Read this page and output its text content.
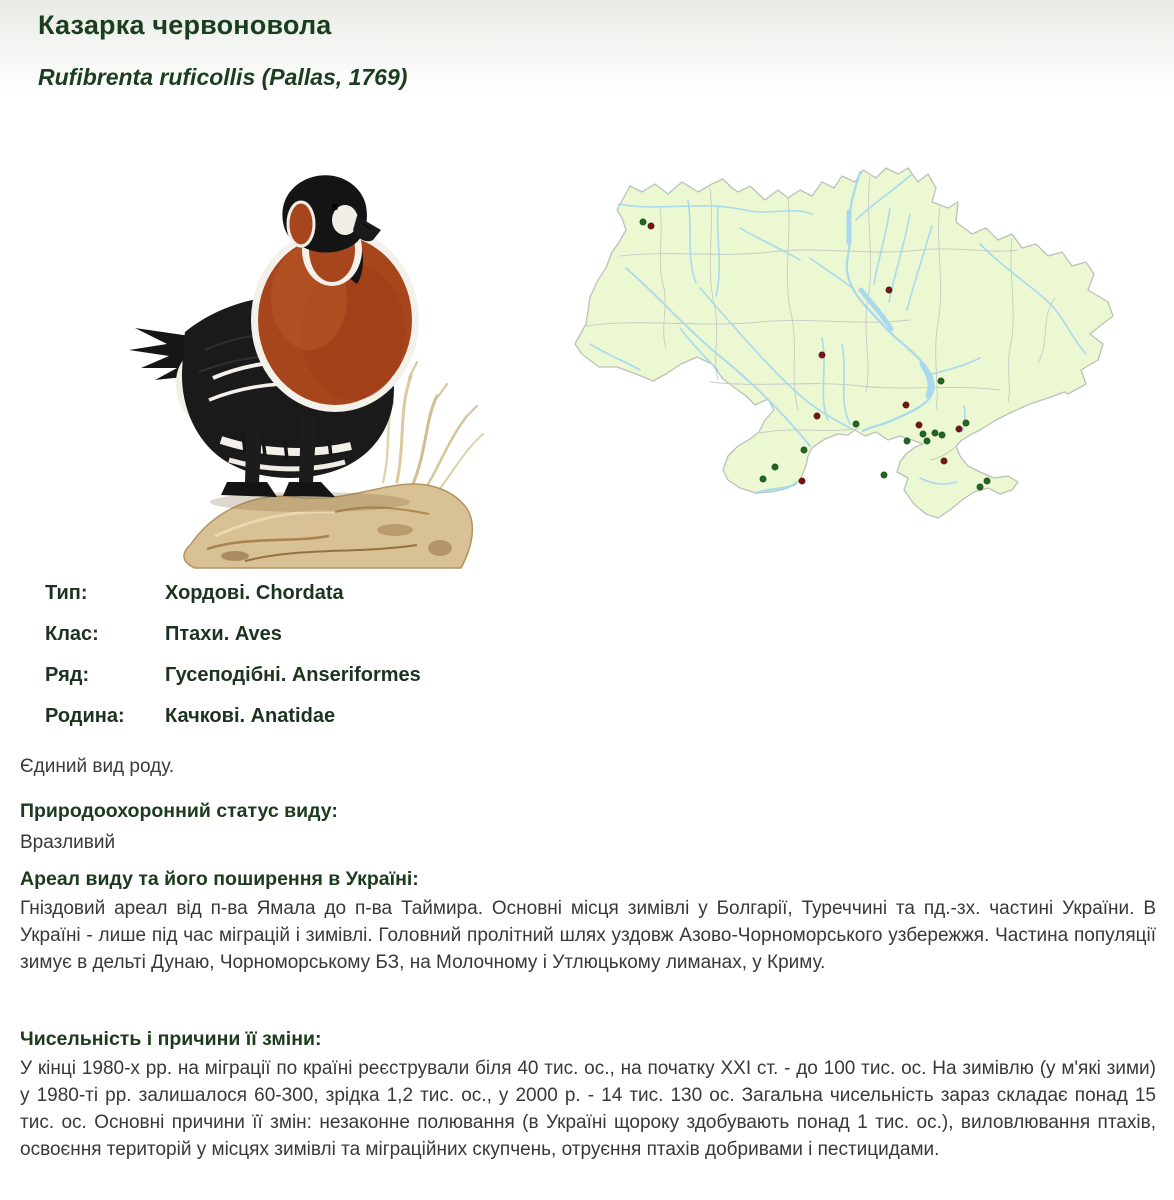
Казарка червоновола
Rufibrenta ruficollis (Pallas, 1769)
Тип:	Хордові. Chordata
Клас:	Птахи. Aves
Ряд:	Гусеподібні. Anseriformes
Родина:	Качкові. Anatidae
Єдиний вид роду.

Природоохоронний статус виду:

Вразливий

Ареал виду та його поширення в Україні:

Гніздовий ареал від п-ва Ямала до п-ва Таймира. Основні місця зимівлі у Болгарії, Туреччині та пд.-зх. частині України. В Україні - лише під час міграцій і зимівлі. Головний пролітний шлях уздовж Азово-Чорноморського узбережжя. Частина популяції зимує в дельті Дунаю, Чорноморському БЗ, на Молочному і Утлюцькому лиманах, у Криму.

Чисельність і причини її зміни:

У кінці 1980-х рр. на міграції по країні реєстрували біля 40 тис. ос., на початку XXI ст. - до 100 тис. ос. На зимівлю (у м'які зими) у 1980-ті рр. залишалося 60-300, зрідка 1,2 тис. ос., у 2000 р. - 14 тис. 130 ос. Загальна чисельність зараз складає понад 15 тис. ос. Основні причини її змін: незаконне полювання (в Україні щороку здобувають понад 1 тис. ос.), виловлювання птахів, освоєння територій у місцях зимівлі та міграційних скупчень, отруєння птахів добривами і пестицидами.
